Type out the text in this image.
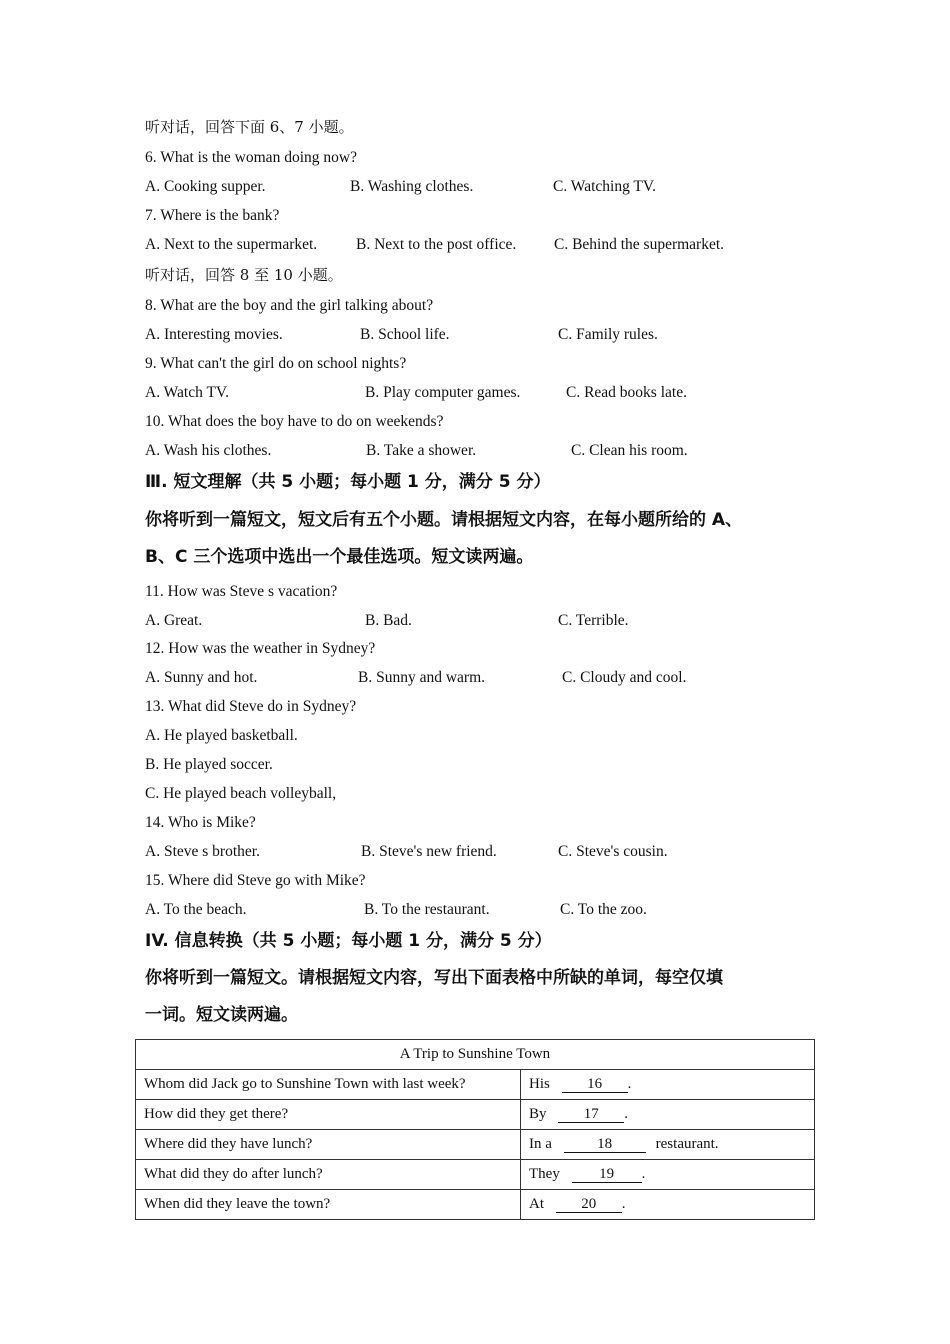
听对话，回答下面 6、7 小题。
6. What is the woman doing now?
A. Cooking supper.	B. Washing clothes.	C. Watching TV.
7. Where is the bank?
A. Next to the supermarket.	B. Next to the post office. C. Behind the supermarket.
听对话，回答 8 至 10 小题。
8. What are the boy and the girl talking about?
A. Interesting movies.	B. School life.	C. Family rules.
9. What can't the girl do on school nights?
A. Watch TV.	B. Play computer games.	C. Read books late.
10. What does the boy have to do on weekends?
A. Wash his clothes.	B. Take a shower.	C. Clean his room.
Ⅲ. 短文理解（共 5 小题；每小题 1 分，满分 5 分）
你将听到一篇短文，短文后有五个小题。请根据短文内容，在每小题所给的 A、
B、C 三个选项中选出一个最佳选项。短文读两遍。
11. How was Steve s vacation?
A. Great.	B. Bad.	C. Terrible.
12. How was the weather in Sydney?
A. Sunny and hot.	B. Sunny and warm.	C. Cloudy and cool.
13. What did Steve do in Sydney?
A. He played basketball.
B. He played soccer.
C. He played beach volleyball,
14. Who is Mike?
A. Steve s brother.	B. Steve's new friend.	C. Steve's cousin.
15. Where did Steve go with Mike?
A. To the beach.	B. To the restaurant.	C. To the zoo.
IV. 信息转换（共 5 小题；每小题 1 分，满分 5 分）
你将听到一篇短文。请根据短文内容，写出下面表格中所缺的单词，每空仅填
一词。短文读两遍。
A Trip to Sunshine Town	
Whom did Jack go to Sunshine Town with last week?	His 16 .
How did they get there?	By 17 .
Where did they have lunch?	In a 18 restaurant.
What did they do after lunch?	They 19 .
When did they leave the town?	At 20 .
